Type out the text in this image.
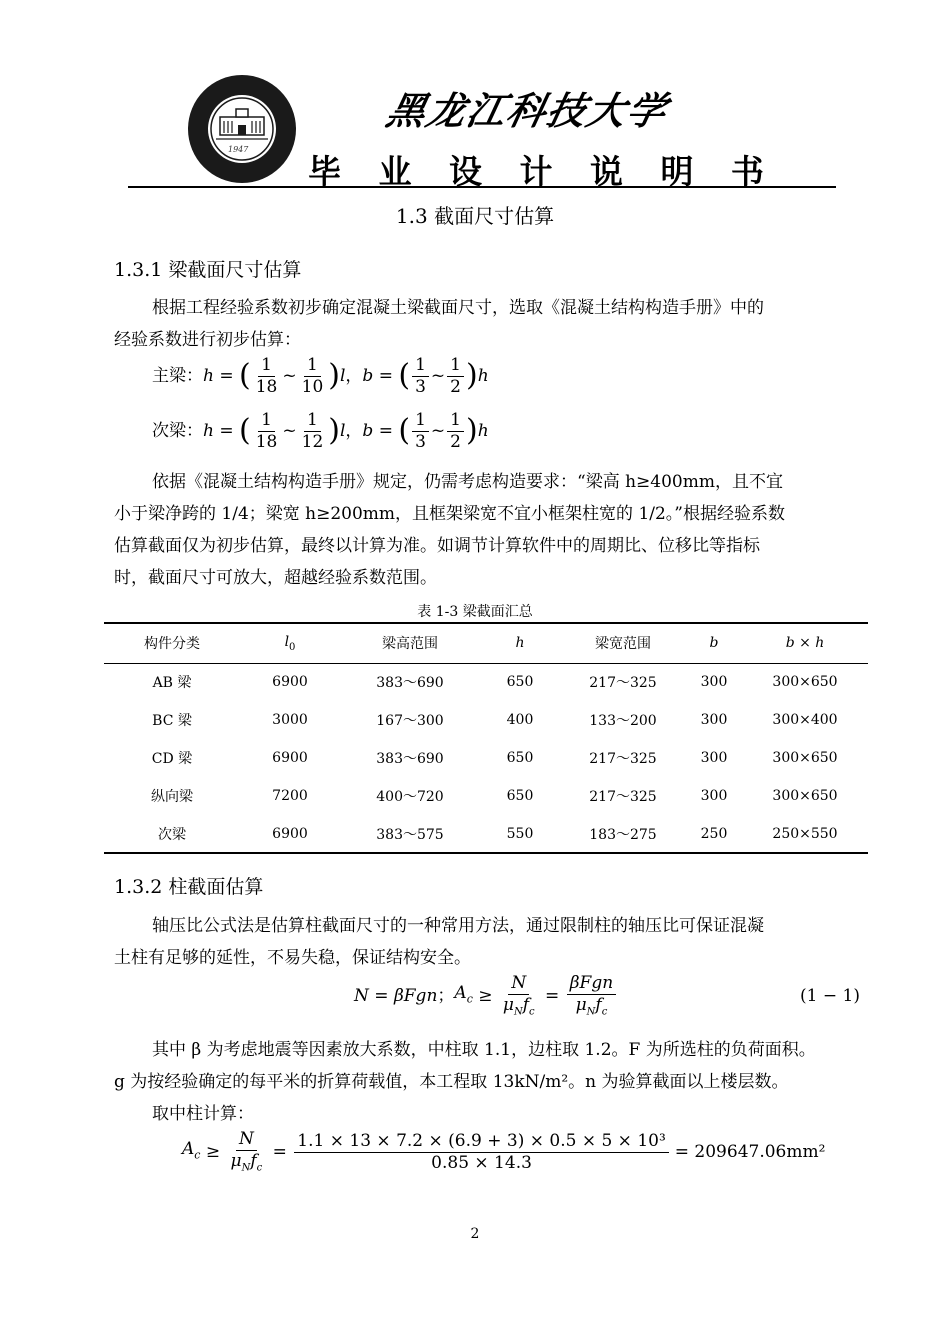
1947
黑龙江科技大学
毕 业 设 计 说 明 书
1.3 截面尺寸估算
1.3.1 梁截面尺寸估算
根据工程经验系数初步确定混凝土梁截面尺寸，选取《混凝土结构构造手册》中的
经验系数进行初步估算：
主梁： h = ( $\frac{1}{18}$ ~ $\frac{1}{10}$ ) l ， b = ( $\frac{1}{3}$ ~ $\frac{1}{2}$ ) h
次梁： h = ( $\frac{1}{18}$ ~ $\frac{1}{12}$ ) l ， b = ( $\frac{1}{3}$ ~ $\frac{1}{2}$ ) h
依据《混凝土结构构造手册》规定，仍需考虑构造要求：“梁高 h≥400mm，且不宜
小于梁净跨的 1/4；梁宽 h≥200mm，且框架梁宽不宜小框架柱宽的 1/2。”根据经验系数
估算截面仅为初步估算，最终以计算为准。如调节计算软件中的周期比、位移比等指标
时，截面尺寸可放大，超越经验系数范围。
表 1-3 梁截面汇总
构件分类	$l_0$	梁高范围	h	梁宽范围	b	b × h
AB 梁	6900	383～690	650	217～325	300	300×650
BC 梁	3000	167～300	400	133～200	300	300×400
CD 梁	6900	383～690	650	217～325	300	300×650
纵向梁	7200	400～720	650	217～325	300	300×650
次梁	6900	383～575	550	183～275	250	250×550
1.3.2 柱截面估算
轴压比公式法是估算柱截面尺寸的一种常用方法，通过限制柱的轴压比可保证混凝
土柱有足够的延性，不易失稳，保证结构安全。
N = βFgn ； $A_c \ge \frac{N}{\mu_Nf_c} = \frac{\text{βFgn}}{\mu_Nf_c}$	(1 − 1)
其中 β 为考虑地震等因素放大系数，中柱取 1.1，边柱取 1.2。F 为所选柱的负荷面积。
g 为按经验确定的每平米的折算荷载值，本工程取 13kN/m²。n 为验算截面以上楼层数。
取中柱计算：
$A_c \ge \frac{N}{\mu_Nf_c} = \frac{\text{1.1 × 13 × 7.2 × (6.9 + 3) × 0.5 × 5 × 10³}}{0.85 \times 14.3} = 209647.06mm^2$
2
